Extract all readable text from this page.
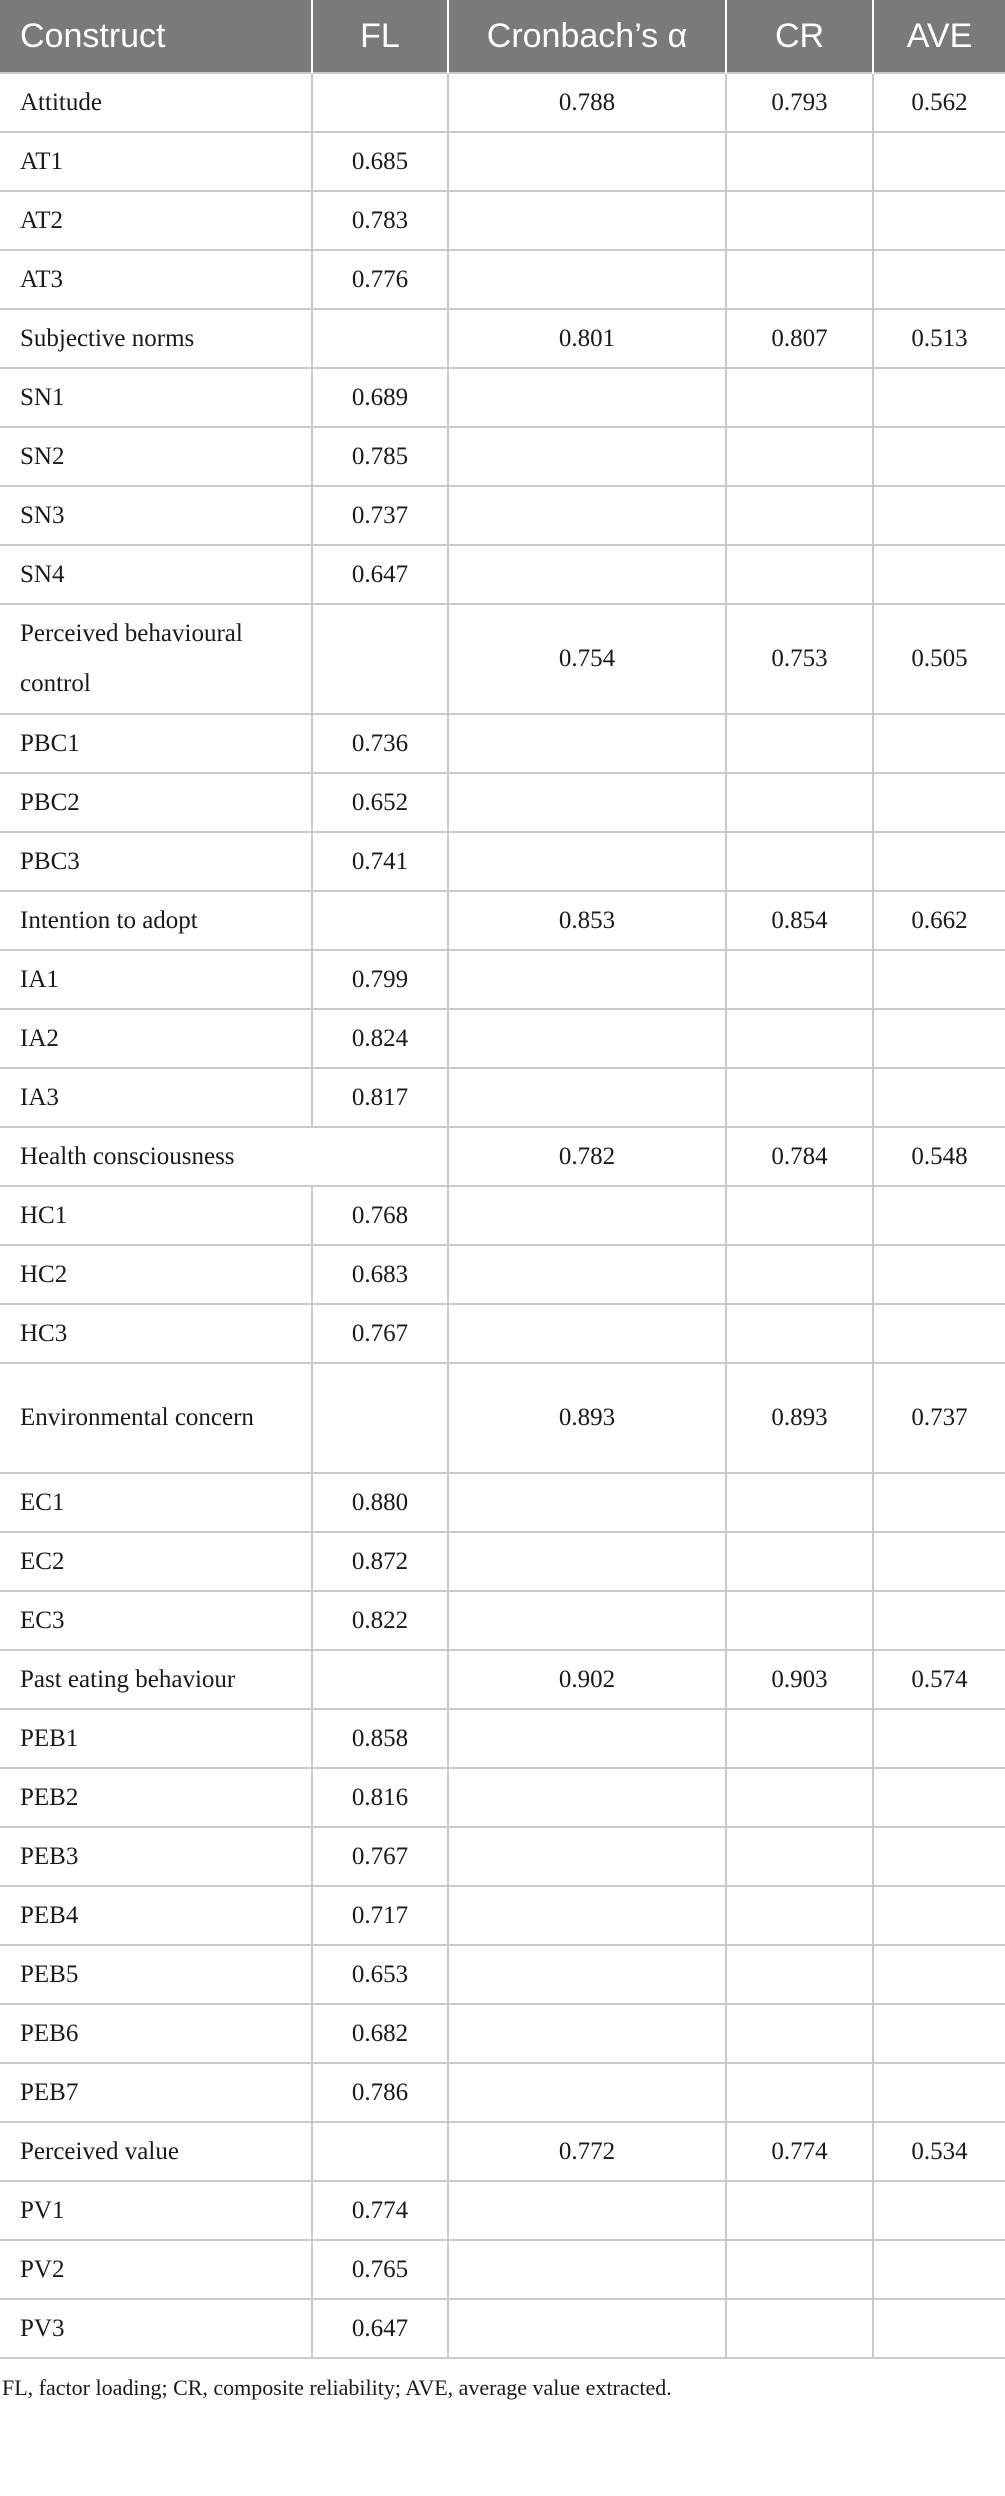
Construct	FL	Cronbach’s α	CR	AVE
Attitude		0.788	0.793	0.562
AT1	0.685			
AT2	0.783			
AT3	0.776			
Subjective norms		0.801	0.807	0.513
SN1	0.689			
SN2	0.785			
SN3	0.737			
SN4	0.647			
Perceived behavioural control		0.754	0.753	0.505
PBC1	0.736			
PBC2	0.652			
PBC3	0.741			
Intention to adopt		0.853	0.854	0.662
IA1	0.799			
IA2	0.824			
IA3	0.817			
Health consciousness		0.782	0.784	0.548
HC1	0.768			
HC2	0.683			
HC3	0.767			
Environmental concern		0.893	0.893	0.737
EC1	0.880			
EC2	0.872			
EC3	0.822			
Past eating behaviour		0.902	0.903	0.574
PEB1	0.858			
PEB2	0.816			
PEB3	0.767			
PEB4	0.717			
PEB5	0.653			
PEB6	0.682			
PEB7	0.786			
Perceived value		0.772	0.774	0.534
PV1	0.774			
PV2	0.765			
PV3	0.647			
FL, factor loading; CR, composite reliability; AVE, average value extracted.
